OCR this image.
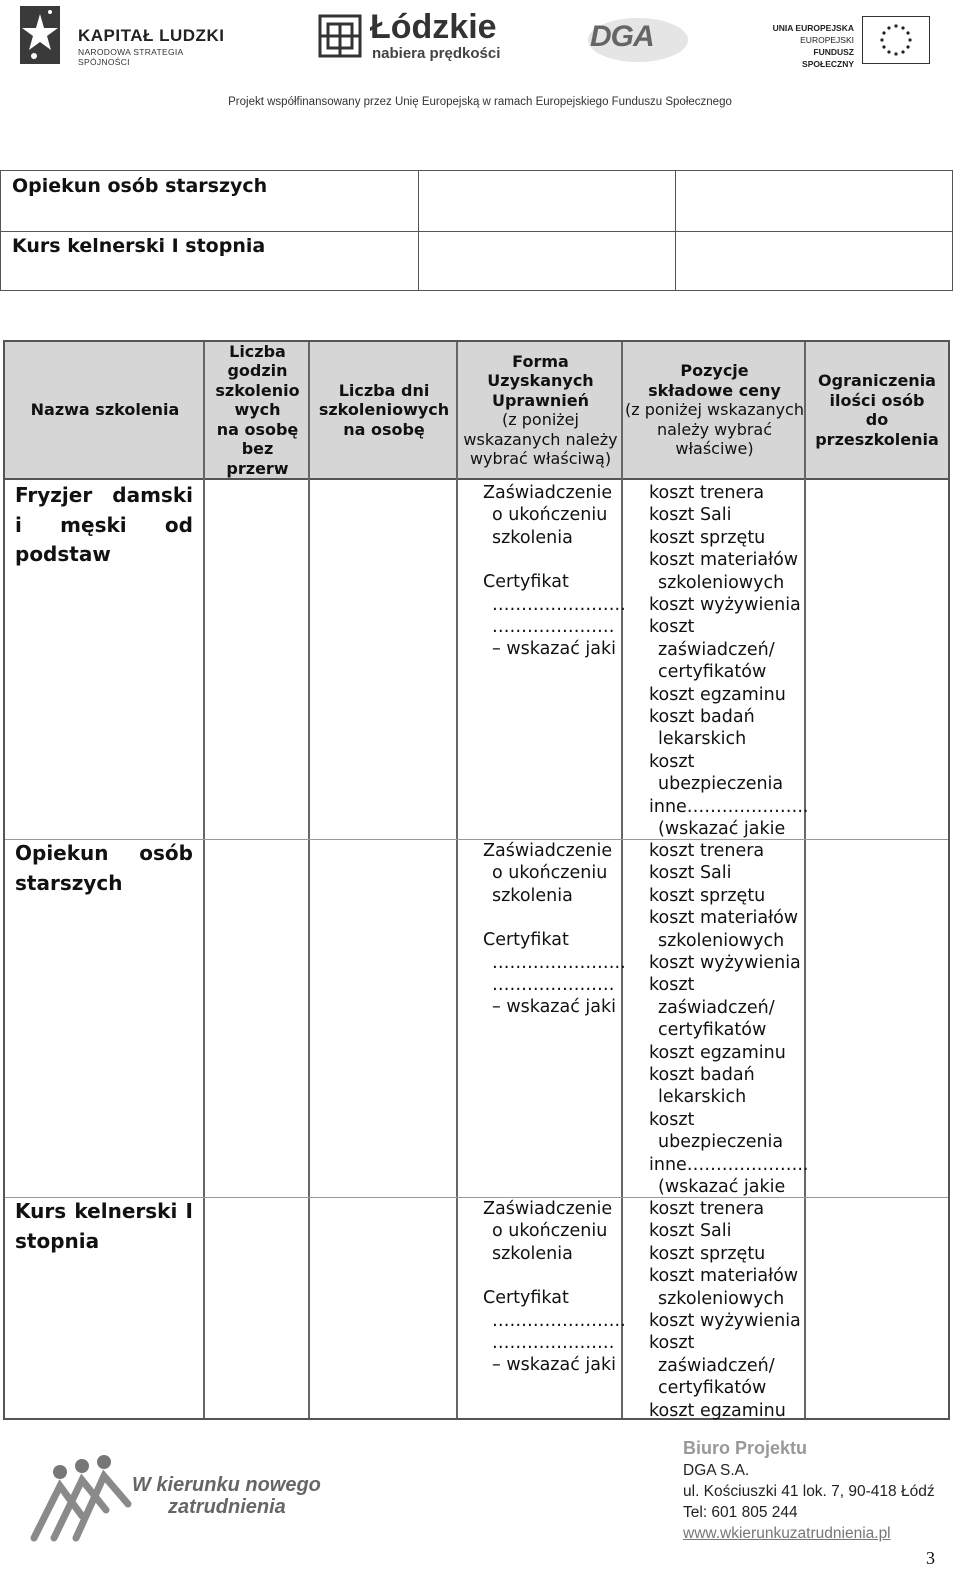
KAPITAŁ LUDZKI
NARODOWA STRATEGIA SPÓJNOŚCI
Łódzkie
nabiera prędkości
DGA	UNIA EUROPEJSKA
EUROPEJSKI
FUNDUSZ SPOŁECZNY
Projekt współfinansowany przez Unię Europejską w ramach Europejskiego Funduszu Społecznego
Opiekun osób starszych
Kurs kelnerski I stopnia
Nazwa szkolenia
Liczba
godzin
szkolenio
wych
na osobę
bez
przerw
Liczba dni
szkoleniowych
na osobę
Forma
Uzyskanych
Uprawnień
(z poniżej
wskazanych należy
wybrać właściwą)
Pozycje
składowe ceny
(z poniżej wskazanych
należy wybrać
właściwe)
Ograniczenia
ilości osób
do
przeszkolenia
Fryzjer damski i męski od podstaw
Zaświadczenie
o ukończeniu
szkolenia
Certyfikat
…………………..
…………………
– wskazać jaki
koszt trenera
koszt Sali
koszt sprzętu
koszt materiałów
szkoleniowych
koszt wyżywienia
koszt
zaświadczeń/
certyfikatów
koszt egzaminu
koszt badań
lekarskich
koszt
ubezpieczenia
inne………….……..
(wskazać jakie
Opiekun osób starszych
Zaświadczenie
o ukończeniu
szkolenia
Certyfikat
…………………..
…………………
– wskazać jaki
koszt trenera
koszt Sali
koszt sprzętu
koszt materiałów
szkoleniowych
koszt wyżywienia
koszt
zaświadczeń/
certyfikatów
koszt egzaminu
koszt badań
lekarskich
koszt
ubezpieczenia
inne………….……..
(wskazać jakie
Kurs kelnerski I stopnia
Zaświadczenie
o ukończeniu
szkolenia
Certyfikat
…………………..
…………………
– wskazać jaki
koszt trenera
koszt Sali
koszt sprzętu
koszt materiałów
szkoleniowych
koszt wyżywienia
koszt
zaświadczeń/
certyfikatów
koszt egzaminu
W kierunku nowego
zatrudnienia
Biuro Projektu
DGA S.A.
ul. Kościuszki 41 lok. 7, 90-418 Łódź
Tel: 601 805 244
www.wkierunkuzatrudnienia.pl
3
